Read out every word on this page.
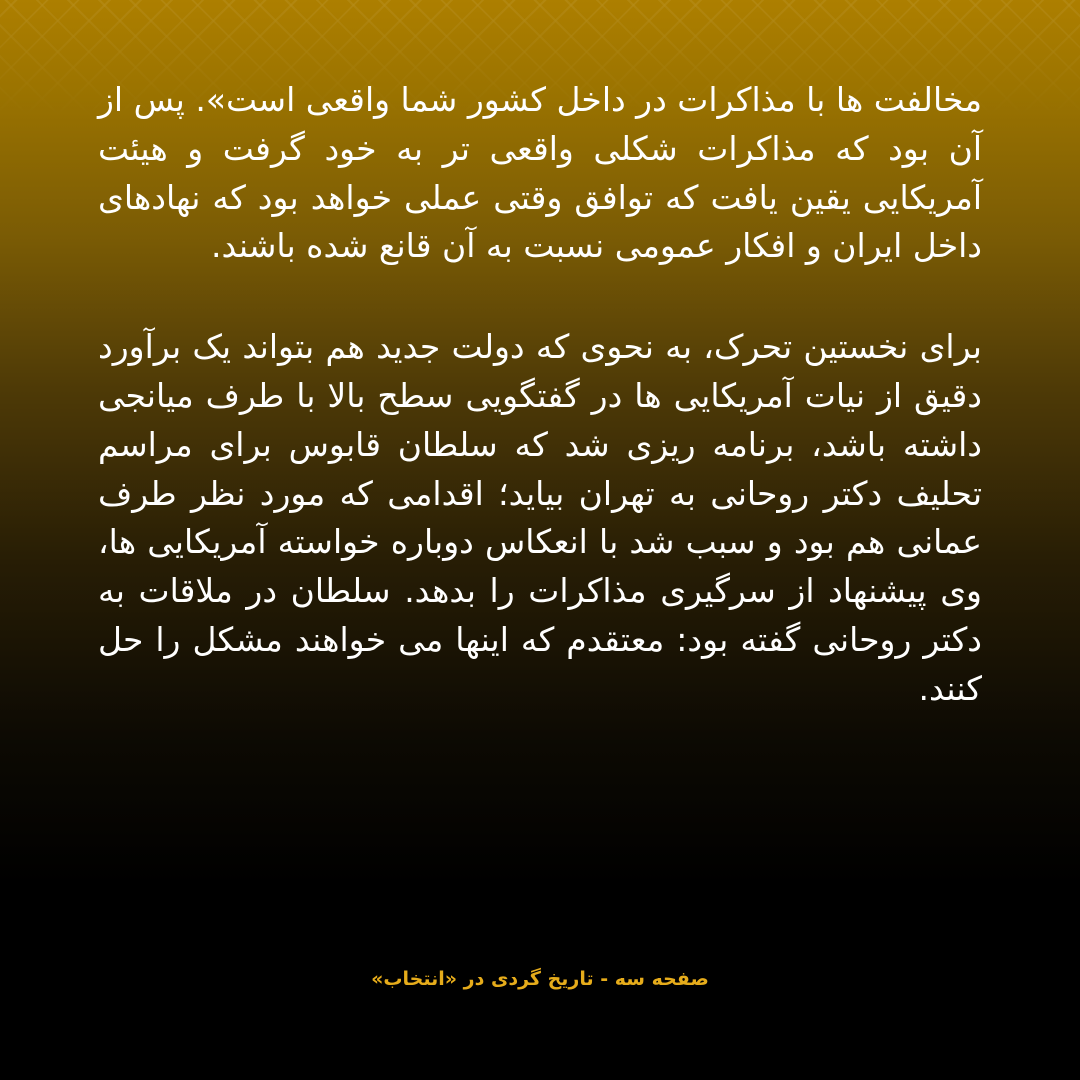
مخالفت ها با مذاکرات در داخل کشور شما واقعی است». پس از آن بود که مذاکرات شکلی واقعی تر به خود گرفت و هیئت آمریکایی یقین یافت که توافق وقتی عملی خواهد بود که نهادهای داخل ایران و افکار عمومی نسبت به آن قانع شده باشند.

برای نخستین تحرک، به نحوی که دولت جدید هم بتواند یک برآورد دقیق از نیات آمریکایی ها در گفتگویی سطح بالا با طرف میانجی داشته باشد، برنامه ریزی شد که سلطان قابوس برای مراسم تحلیف دکتر روحانی به تهران بیاید؛ اقدامی که مورد نظر طرف عمانی هم بود و سبب شد با انعکاس دوباره خواسته آمریکایی ها، وی پیشنهاد از سرگیری مذاکرات را بدهد. سلطان در ملاقات به دکتر روحانی گفته بود: معتقدم که اینها می خواهند مشکل را حل کنند.

صفحه سه - تاریخ گردی در «انتخاب»
